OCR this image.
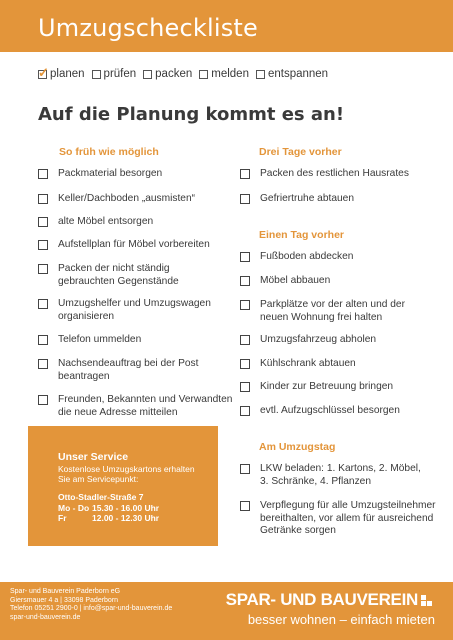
Umzugscheckliste
✓ planen prüfen packen melden entspannen
Auf die Planung kommt es an!
So früh wie möglich
Packmaterial besorgen
Keller/Dachboden „ausmisten“
alte Möbel entsorgen
Aufstellplan für Möbel vorbereiten
Packen der nicht ständig
gebrauchten Gegenstände
Umzugshelfer und Umzugswagen
organisieren
Telefon ummelden
Nachsendeauftrag bei der Post
beantragen
Freunden, Bekannten und Verwandten
die neue Adresse mitteilen
Drei Tage vorher
Packen des restlichen Hausrates
Gefriertruhe abtauen
Einen Tag vorher
Fußboden abdecken
Möbel abbauen
Parkplätze vor der alten und der
neuen Wohnung frei halten
Umzugsfahrzeug abholen
Kühlschrank abtauen
Kinder zur Betreuung bringen
evtl. Aufzugschlüssel besorgen
Am Umzugstag
LKW beladen: 1. Kartons, 2. Möbel,
3. Schränke, 4. Pflanzen
Verpflegung für alle Umzugsteilnehmer
bereithalten, vor allem für ausreichend
Getränke sorgen
Unser Service
Kostenlose Umzugskartons erhalten
Sie am Servicepunkt:
Otto-Stadler-Straße 7
Mo - Do 15.30 - 16.00 Uhr
Fr	12.00 - 12.30 Uhr
Spar- und Bauverein Paderborn eG
Giersmauer 4 a | 33098 Paderborn
Telefon 05251 2900-0 | info@spar-und-bauverein.de
spar-und-bauverein.de
SPAR- UND BAUVEREIN
besser wohnen – einfach mieten
